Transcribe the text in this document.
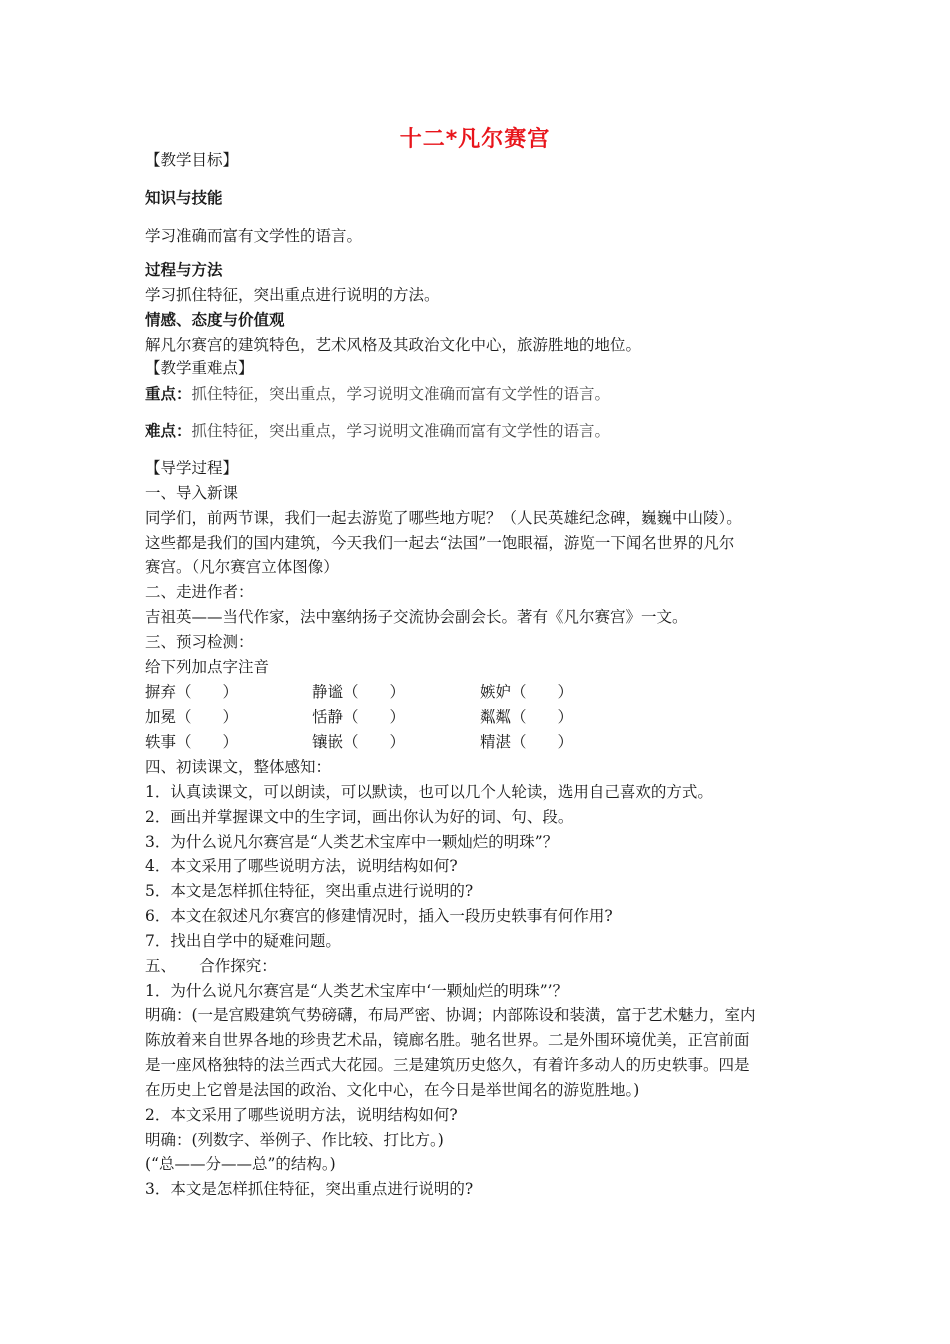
十二*凡尔赛宫
【教学目标】
知识与技能
学习准确而富有文学性的语言。
过程与方法
学习抓住特征，突出重点进行说明的方法。
情感、态度与价值观
解凡尔赛宫的建筑特色，艺术风格及其政治文化中心，旅游胜地的地位。
【教学重难点】
重点：抓住特征，突出重点，学习说明文准确而富有文学性的语言。
难点：抓住特征，突出重点，学习说明文准确而富有文学性的语言。
【导学过程】
一、导入新课
同学们，前两节课，我们一起去游览了哪些地方呢？（人民英雄纪念碑，巍巍中山陵）。
这些都是我们的国内建筑，今天我们一起去“法国”一饱眼福，游览一下闻名世界的凡尔
赛宫。（凡尔赛宫立体图像）
二、走进作者：
吉祖英——当代作家，法中塞纳扬子交流协会副会长。著有《凡尔赛宫》一文。
三、预习检测：
给下列加点字注音
摒弃（　　）	静谧（　　）	嫉妒（　　）
加冕（　　）	恬静（　　）	粼粼（　　）
轶事（　　）	镶嵌（　　）	精湛（　　）
四、初读课文，整体感知：
1．认真读课文，可以朗读，可以默读，也可以几个人轮读，选用自己喜欢的方式。
2．画出并掌握课文中的生字词，画出你认为好的词、句、段。
3．为什么说凡尔赛宫是“人类艺术宝库中一颗灿烂的明珠”？
4．本文采用了哪些说明方法，说明结构如何?
5．本文是怎样抓住特征，突出重点进行说明的?
6．本文在叙述凡尔赛宫的修建情况时，插入一段历史轶事有何作用?
7．找出自学中的疑难问题。
五、　　合作探究：
1．为什么说凡尔赛宫是“人类艺术宝库中‘一颗灿烂的明珠”’？
明确：(一是宫殿建筑气势磅礴，布局严密、协调；内部陈设和装潢，富于艺术魅力，室内
陈放着来自世界各地的珍贵艺术品，镜廊名胜。驰名世界。二是外围环境优美，正宫前面
是一座风格独特的法兰西式大花园。三是建筑历史悠久，有着许多动人的历史轶事。四是
在历史上它曾是法国的政治、文化中心，在今日是举世闻名的游览胜地。)
2．本文采用了哪些说明方法，说明结构如何?
明确：(列数字、举例子、作比较、打比方。)
(“总——分——总”的结构。)
3．本文是怎样抓住特征，突出重点进行说明的?
